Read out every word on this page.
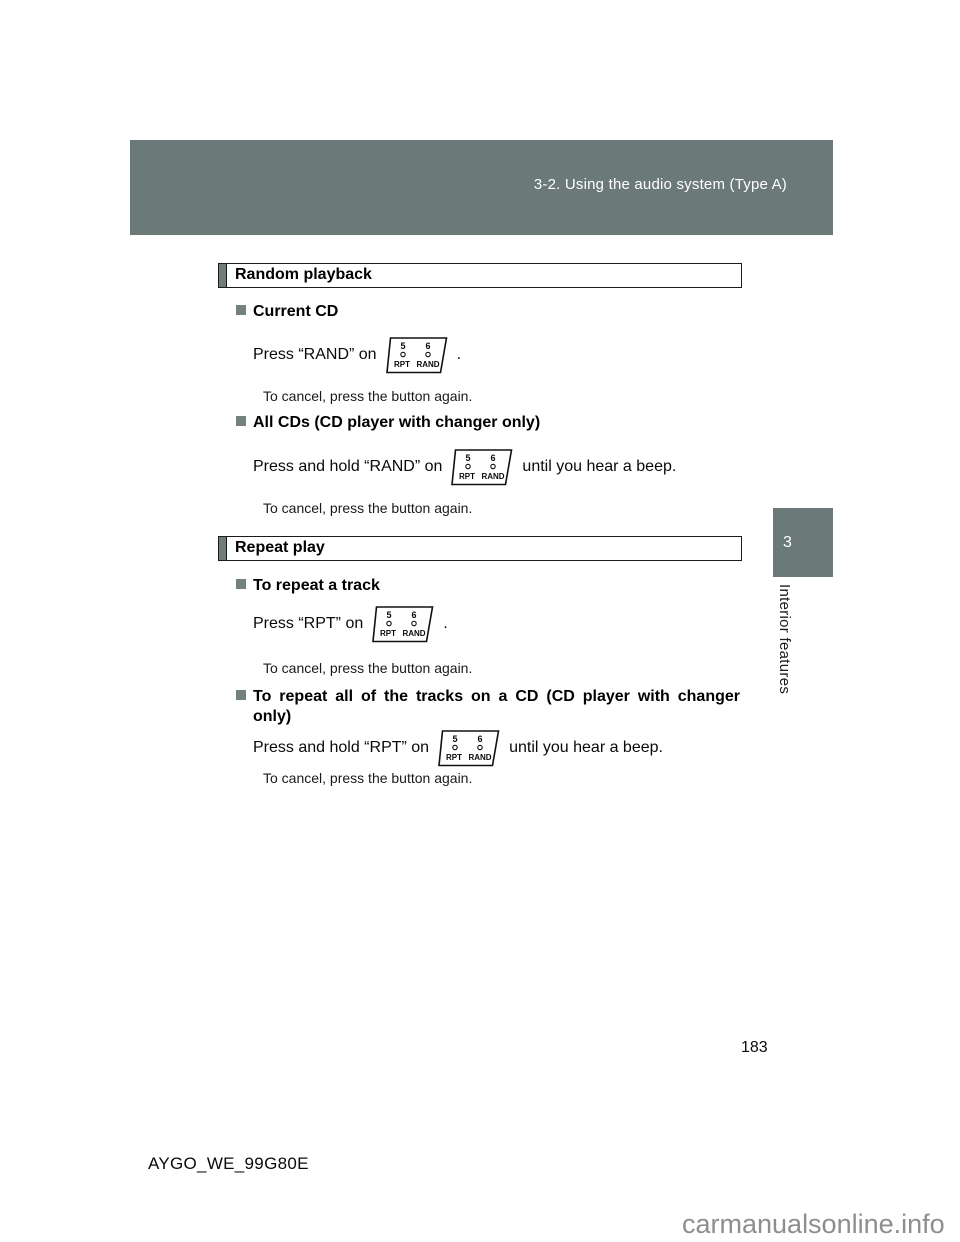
3-2. Using the audio system (Type A)
Random playback
Current CD
Press “RAND” on
5
RPT
6
RAND
.
To cancel, press the button again.
All CDs (CD player with changer only)
Press and hold “RAND” on
5
RPT
6
RAND
until you hear a beep.
To cancel, press the button again.
Repeat play
To repeat a track
Press “RPT” on
5
RPT
6
RAND
.
To cancel, press the button again.
To repeat all of the tracks on a CD (CD player with changer only)
Press and hold “RPT” on
5
RPT
6
RAND
until you hear a beep.
To cancel, press the button again.
3
Interior features
183
AYGO_WE_99G80E
carmanualsonline.info
